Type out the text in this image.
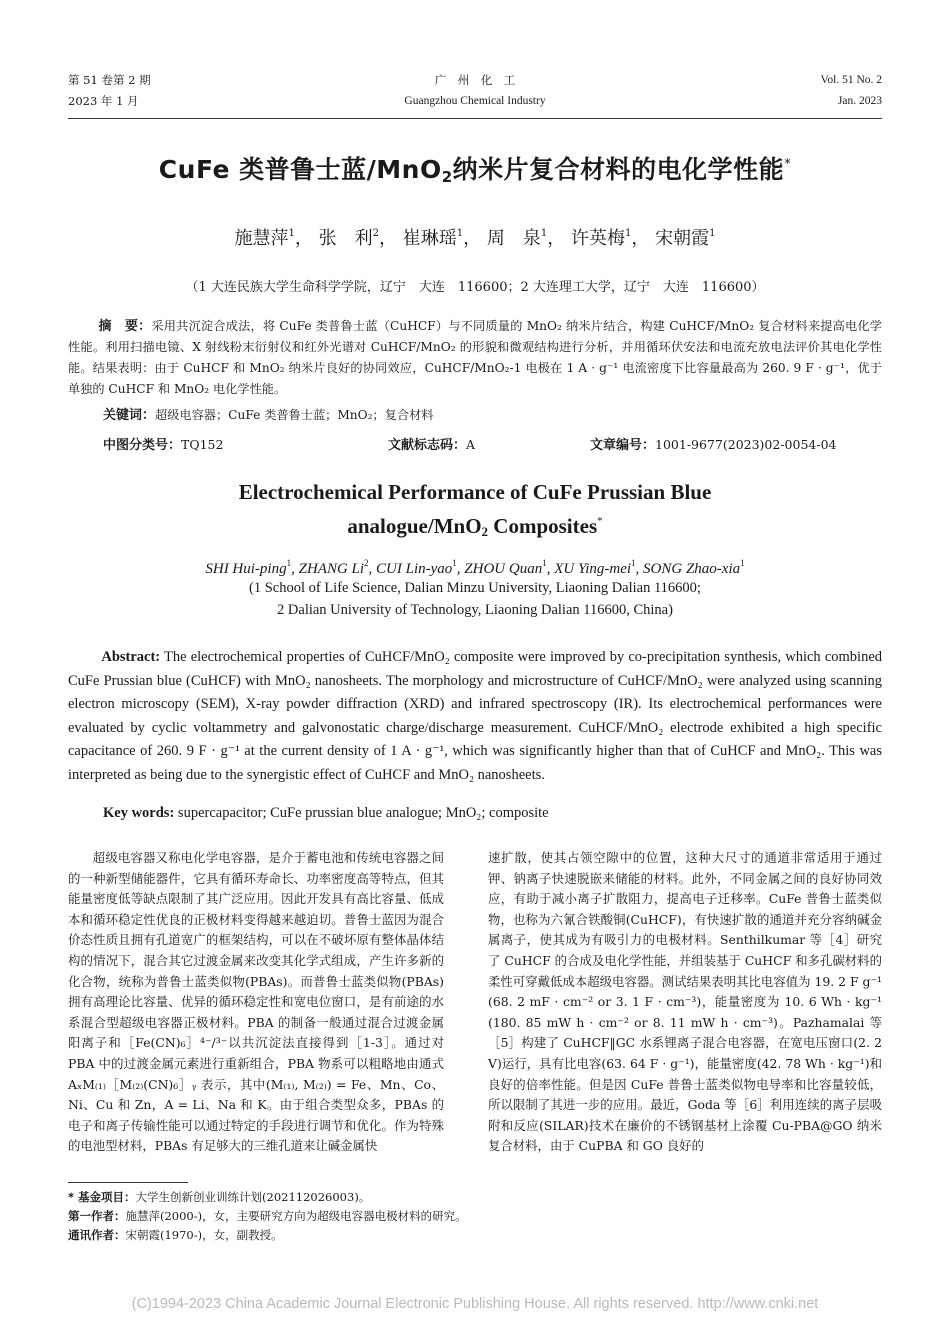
第 51 卷第 2 期
2023 年 1 月
广　州　化　工
Guangzhou Chemical Industry
Vol. 51 No. 2
Jan. 2023
CuFe 类普鲁士蓝/MnO$_2$纳米片复合材料的电化学性能*
施慧萍$^1$， 张　利$^2$， 崔琳瑶$^1$， 周　泉$^1$， 许英梅$^1$， 宋朝霞$^1$
（1 大连民族大学生命科学学院，辽宁　大连　116600；2 大连理工大学，辽宁　大连　116600）
摘　要：采用共沉淀合成法，将 CuFe 类普鲁士蓝（CuHCF）与不同质量的 MnO₂ 纳米片结合，构建 CuHCF/MnO₂ 复合材料来提高电化学性能。利用扫描电镜、X 射线粉末衍射仪和红外光谱对 CuHCF/MnO₂ 的形貌和微观结构进行分析，并用循环伏安法和电流充放电法评价其电化学性能。结果表明：由于 CuHCF 和 MnO₂ 纳米片良好的协同效应，CuHCF/MnO₂-1 电极在 1 A · g⁻¹ 电流密度下比容量最高为 260. 9 F · g⁻¹，优于单独的 CuHCF 和 MnO₂ 电化学性能。
关键词：超级电容器；CuFe 类普鲁士蓝；MnO₂；复合材料
中图分类号：TQ152	文献标志码：A	文章编号：1001-9677(2023)02-0054-04
Electrochemical Performance of CuFe Prussian Blue
analogue/MnO$_2$ Composites*
SHI Hui-ping$^1$, ZHANG Li$^2$, CUI Lin-yao$^1$, ZHOU Quan$^1$, XU Ying-mei$^1$, SONG Zhao-xia$^1$
(1 School of Life Science, Dalian Minzu University, Liaoning Dalian 116600;
2 Dalian University of Technology, Liaoning Dalian 116600, China)
Abstract: The electrochemical properties of CuHCF/MnO₂ composite were improved by co-precipitation synthesis, which combined CuFe Prussian blue (CuHCF) with MnO₂ nanosheets. The morphology and microstructure of CuHCF/MnO₂ were analyzed using scanning electron microscopy (SEM), X-ray powder diffraction (XRD) and infrared spectroscopy (IR). Its electrochemical performances were evaluated by cyclic voltammetry and galvonostatic charge/discharge measurement. CuHCF/MnO₂ electrode exhibited a high specific capacitance of 260. 9 F · g⁻¹ at the current density of 1 A · g⁻¹, which was significantly higher than that of CuHCF and MnO₂. This was interpreted as being due to the synergistic effect of CuHCF and MnO₂ nanosheets.
Key words: supercapacitor; CuFe prussian blue analogue; MnO₂; composite

超级电容器又称电化学电容器，是介于蓄电池和传统电容器之间的一种新型储能器件，它具有循环寿命长、功率密度高等特点，但其能量密度低等缺点限制了其广泛应用。因此开发具有高比容量、低成本和循环稳定性优良的正极材料变得越来越迫切。普鲁士蓝因为混合价态性质且拥有孔道宽广的框架结构，可以在不破坏原有整体晶体结构的情况下，混合其它过渡金属来改变其化学式组成，产生许多新的化合物，统称为普鲁士蓝类似物(PBAs)。而普鲁士蓝类似物(PBAs)拥有高理论比容量、优异的循环稳定性和宽电位窗口，是有前途的水系混合型超级电容器正极材料。PBA 的制备一般通过混合过渡金属阳离子和［Fe(CN)₆］⁴⁻/³⁻以共沉淀法直接得到［1-3］。通过对 PBA 中的过渡金属元素进行重新组合，PBA 物系可以粗略地由通式 AₓM₍₁₎［M₍₂₎(CN)₆］ᵧ 表示，其中(M₍₁₎, M₍₂₎) = Fe、Mn、Co、Ni、Cu 和 Zn，A = Li、Na 和 K。由于组合类型众多，PBAs 的电子和离子传输性能可以通过特定的手段进行调节和优化。作为特殊的电池型材料，PBAs 有足够大的三维孔道来让碱金属快

速扩散，使其占领空隙中的位置，这种大尺寸的通道非常适用于通过钾、钠离子快速脱嵌来储能的材料。此外，不同金属之间的良好协同效应，有助于减小离子扩散阻力，提高电子迁移率。CuFe 普鲁士蓝类似物，也称为六氰合铁酸铜(CuHCF)，有快速扩散的通道并充分容纳碱金属离子，使其成为有吸引力的电极材料。Senthilkumar 等［4］研究了 CuHCF 的合成及电化学性能，并组装基于 CuHCF 和多孔碳材料的柔性可穿戴低成本超级电容器。测试结果表明其比电容值为 19. 2 F g⁻¹ (68. 2 mF · cm⁻² or 3. 1 F · cm⁻³)，能量密度为 10. 6 Wh · kg⁻¹ (180. 85 mW h · cm⁻² or 8. 11 mW h · cm⁻³)。Pazhamalai 等［5］构建了 CuHCF‖GC 水系锂离子混合电容器，在宽电压窗口(2. 2 V)运行，具有比电容(63. 64 F · g⁻¹)，能量密度(42. 78 Wh · kg⁻¹)和良好的倍率性能。但是因 CuFe 普鲁士蓝类似物电导率和比容量较低，所以限制了其进一步的应用。最近，Goda 等［6］利用连续的离子层吸附和反应(SILAR)技术在廉价的不锈钢基材上涂覆 Cu-PBA@GO 纳米复合材料，由于 CuPBA 和 GO 良好的

* 基金项目：大学生创新创业训练计划(202112026003)。
第一作者：施慧萍(2000-)，女，主要研究方向为超级电容器电极材料的研究。
通讯作者：宋朝霞(1970-)，女，副教授。
(C)1994-2023 China Academic Journal Electronic Publishing House. All rights reserved. http://www.cnki.net
